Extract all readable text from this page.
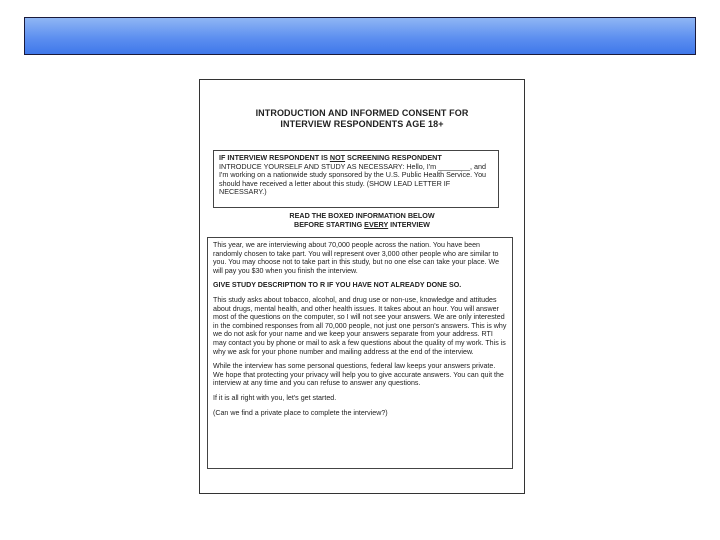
INTRODUCTION AND INFORMED CONSENT FOR
INTERVIEW RESPONDENTS AGE 18+
IF INTERVIEW RESPONDENT IS NOT SCREENING RESPONDENT
INTRODUCE YOURSELF AND STUDY AS NECESSARY: Hello, I'm ________, and I'm working on a nationwide study sponsored by the U.S. Public Health Service. You should have received a letter about this study. (SHOW LEAD LETTER IF NECESSARY.)
READ THE BOXED INFORMATION BELOW
BEFORE STARTING EVERY INTERVIEW

This year, we are interviewing about 70,000 people across the nation. You have been randomly chosen to take part. You will represent over 3,000 other people who are similar to you. You may choose not to take part in this study, but no one else can take your place. We will pay you $30 when you finish the interview.

GIVE STUDY DESCRIPTION TO R IF YOU HAVE NOT ALREADY DONE SO.

This study asks about tobacco, alcohol, and drug use or non-use, knowledge and attitudes about drugs, mental health, and other health issues. It takes about an hour. You will answer most of the questions on the computer, so I will not see your answers. We are only interested in the combined responses from all 70,000 people, not just one person's answers. This is why we do not ask for your name and we keep your answers separate from your address. RTI may contact you by phone or mail to ask a few questions about the quality of my work. This is why we ask for your phone number and mailing address at the end of the interview.

While the interview has some personal questions, federal law keeps your answers private. We hope that protecting your privacy will help you to give accurate answers. You can quit the interview at any time and you can refuse to answer any questions.

If it is all right with you, let's get started.

(Can we find a private place to complete the interview?)
